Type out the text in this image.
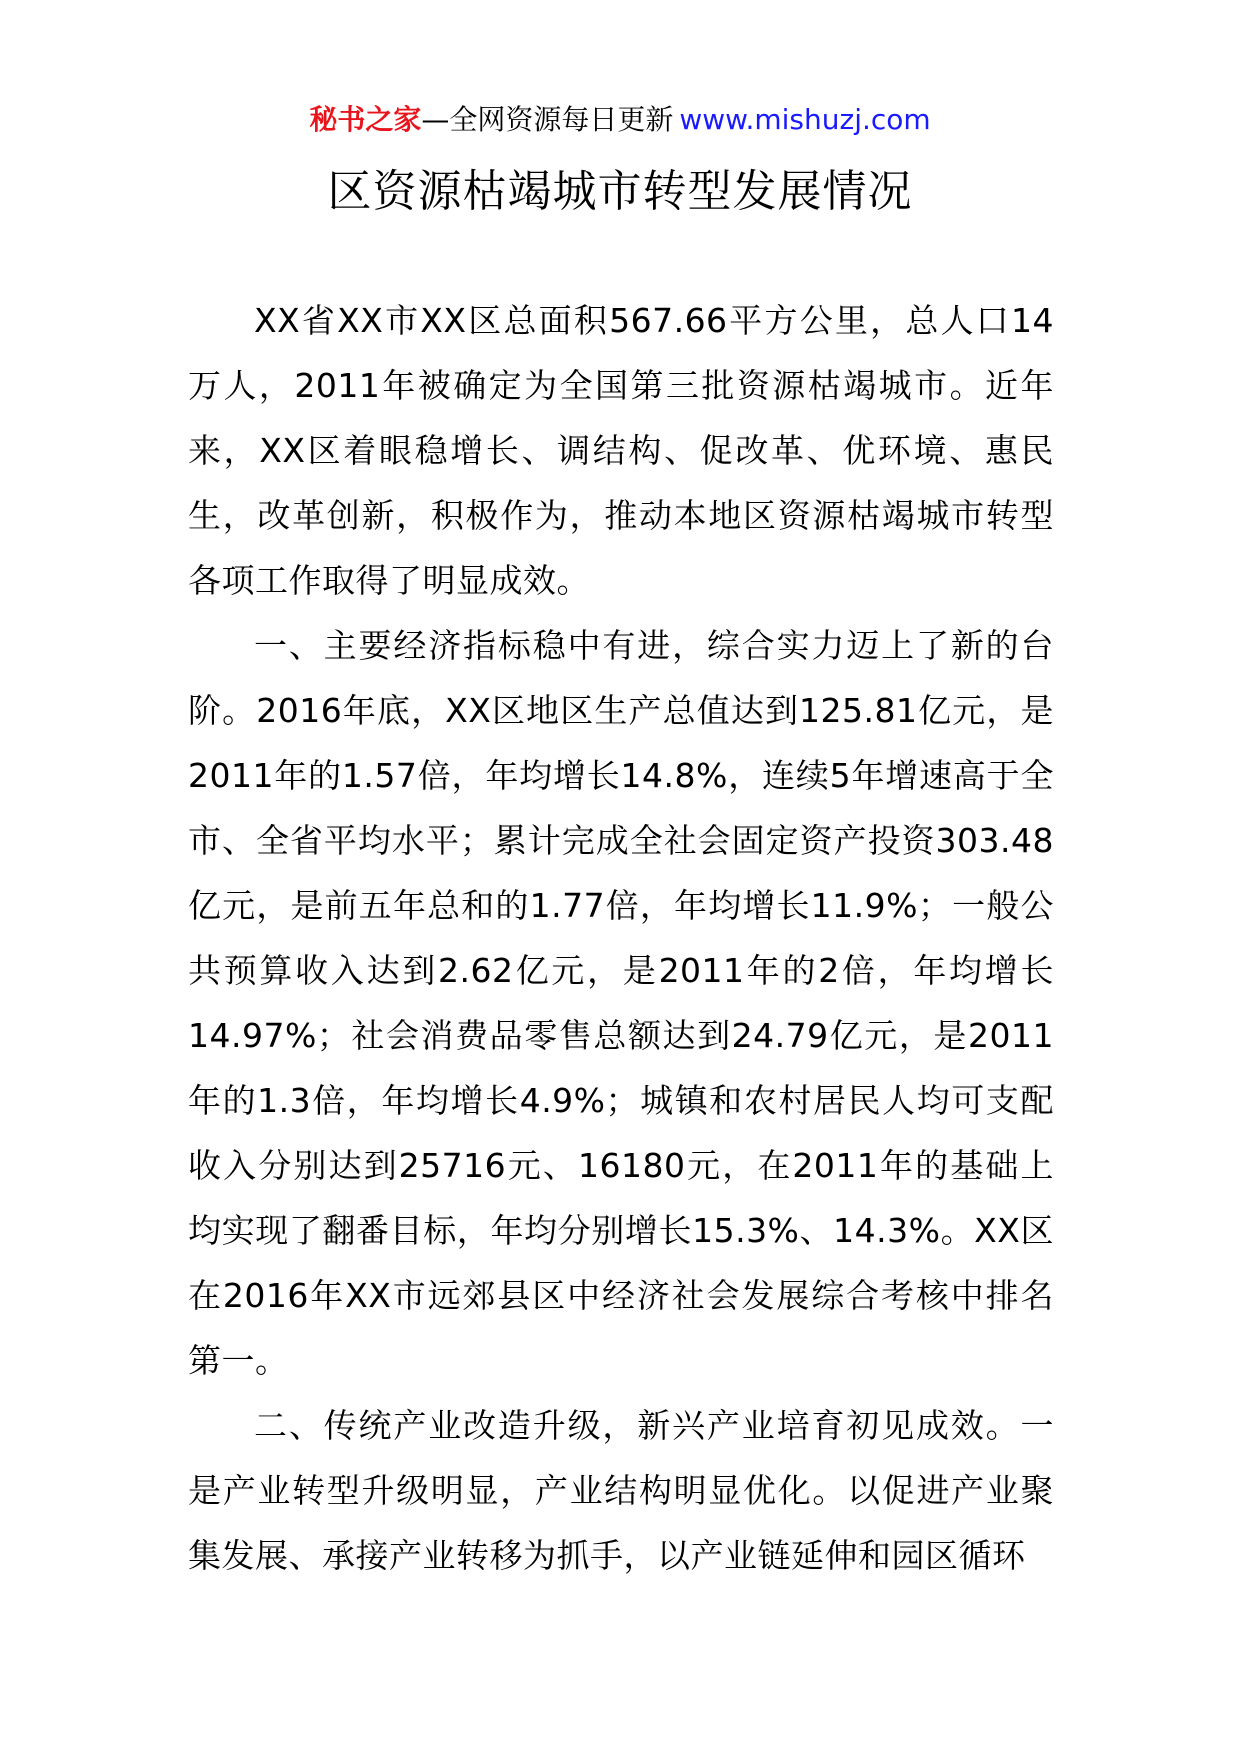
秘书之家—全网资源每日更新 www.mishuzj.com
区资源枯竭城市转型发展情况

XX省XX市XX区总面积567.66平方公里，总人口14万人，2011年被确定为全国第三批资源枯竭城市。近年来，XX区着眼稳增长、调结构、促改革、优环境、惠民生，改革创新，积极作为，推动本地区资源枯竭城市转型各项工作取得了明显成效。

一、主要经济指标稳中有进，综合实力迈上了新的台阶。2016年底，XX区地区生产总值达到125.81亿元，是2011年的1.57倍，年均增长14.8%，连续5年增速高于全市、全省平均水平；累计完成全社会固定资产投资303.48亿元，是前五年总和的1.77倍，年均增长11.9%；一般公共预算收入达到2.62亿元，是2011年的2倍，年均增长14.97%；社会消费品零售总额达到24.79亿元，是2011年的1.3倍，年均增长4.9%；城镇和农村居民人均可支配收入分别达到25716元、16180元，在2011年的基础上均实现了翻番目标，年均分别增长15.3%、14.3%。XX区在2016年XX市远郊县区中经济社会发展综合考核中排名第一。

二、传统产业改造升级，新兴产业培育初见成效。一是产业转型升级明显，产业结构明显优化。以促进产业聚集发展、承接产业转移为抓手，以产业链延伸和园区循环
